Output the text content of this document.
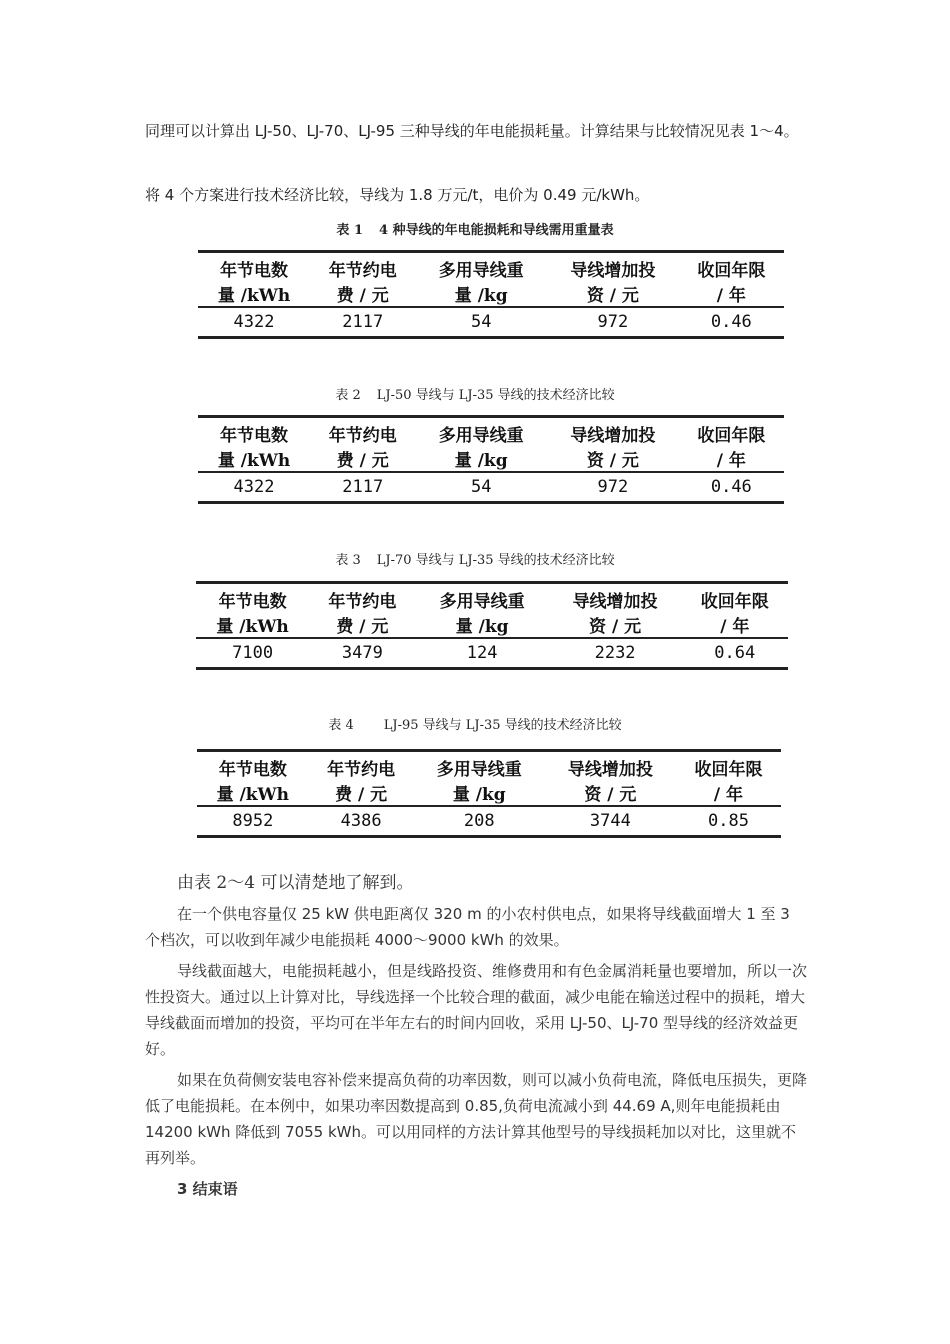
同理可以计算出 LJ-50、LJ-70、LJ-95 三种导线的年电能损耗量。计算结果与比较情况见表 1～4。

将 4 个方案进行技术经济比较，导线为 1.8 万元/t，电价为 0.49 元/kWh。

表 1 4 种导线的年电能损耗和导线需用重量表
年节电数	年节约电	多用导线重	导线增加投	收回年限
量 /kWh	费 / 元	量 /kg	资 / 元	/ 年
4322	2117	54	972	0.46
表 2 LJ-50 导线与 LJ-35 导线的技术经济比较
年节电数	年节约电	多用导线重	导线增加投	收回年限
量 /kWh	费 / 元	量 /kg	资 / 元	/ 年
4322	2117	54	972	0.46
表 3 LJ-70 导线与 LJ-35 导线的技术经济比较
年节电数	年节约电	多用导线重	导线增加投	收回年限
量 /kWh	费 / 元	量 /kg	资 / 元	/ 年
7100	3479	124	2232	0.64
表 4 LJ-95 导线与 LJ-35 导线的技术经济比较
年节电数	年节约电	多用导线重	导线增加投	收回年限
量 /kWh	费 / 元	量 /kg	资 / 元	/ 年
8952	4386	208	3744	0.85
由表 2～4 可以清楚地了解到。

在一个供电容量仅 25 kW 供电距离仅 320 m 的小农村供电点，如果将导线截面增大 1 至 3 个档次，可以收到年减少电能损耗 4000～9000 kWh 的效果。

导线截面越大，电能损耗越小，但是线路投资、维修费用和有色金属消耗量也要增加，所以一次性投资大。通过以上计算对比，导线选择一个比较合理的截面，减少电能在输送过程中的损耗，增大导线截面而增加的投资，平均可在半年左右的时间内回收，采用 LJ-50、LJ-70 型导线的经济效益更好。

如果在负荷侧安装电容补偿来提高负荷的功率因数，则可以减小负荷电流，降低电压损失，更降低了电能损耗。在本例中，如果功率因数提高到 0.85,负荷电流减小到 44.69 A,则年电能损耗由 14200 kWh 降低到 7055 kWh。可以用同样的方法计算其他型号的导线损耗加以对比，这里就不再列举。

3 结束语
